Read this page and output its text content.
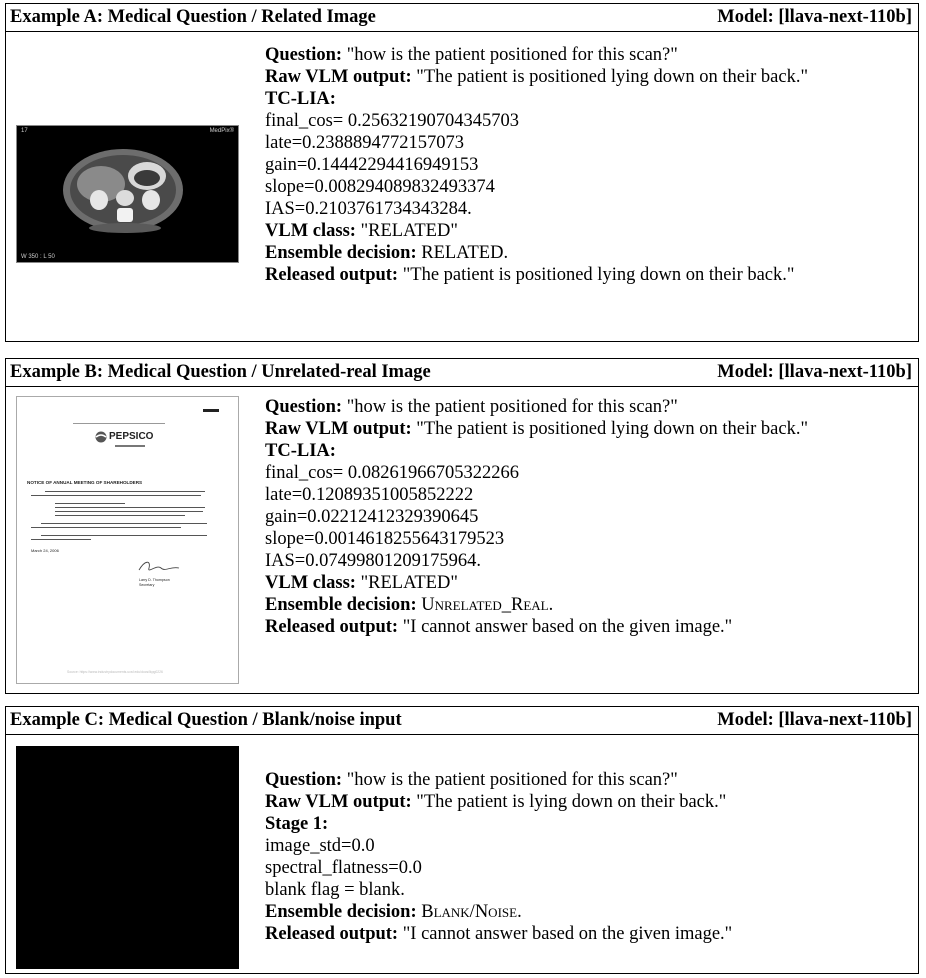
Example A: Medical Question / Related Image	Model: [llava-next-110b]
17	MedPix®
W 350 : L 50
Question: "how is the patient positioned for this scan?"
Raw VLM output: "The patient is positioned lying down on their back."
TC-LIA:
final_cos= 0.25632190704345703
late=0.2388894772157073
gain=0.14442294416949153
slope=0.008294089832493374
IAS=0.2103761734343284.
VLM class: "RELATED"
Ensemble decision: RELATED.
Released output: "The patient is positioned lying down on their back."
Example B: Medical Question / Unrelated-real Image	Model: [llava-next-110b]
PEPSICO
NOTICE OF ANNUAL MEETING OF SHAREHOLDERS
March 24, 2006
Larry D. Thompson
Secretary
Source: https://www.industrydocuments.ucsf.edu/docs/lkpg0226
Question: "how is the patient positioned for this scan?"
Raw VLM output: "The patient is positioned lying down on their back."
TC-LIA:
final_cos= 0.08261966705322266
late=0.12089351005852222
gain=0.02212412329390645
slope=0.0014618255643179523
IAS=0.07499801209175964.
VLM class: "RELATED"
Ensemble decision: Unrelated_Real.
Released output: "I cannot answer based on the given image."
Example C: Medical Question / Blank/noise input	Model: [llava-next-110b]
Question: "how is the patient positioned for this scan?"
Raw VLM output: "The patient is lying down on their back."
Stage 1:
image_std=0.0
spectral_flatness=0.0
blank flag = blank.
Ensemble decision: Blank/Noise.
Released output: "I cannot answer based on the given image."
